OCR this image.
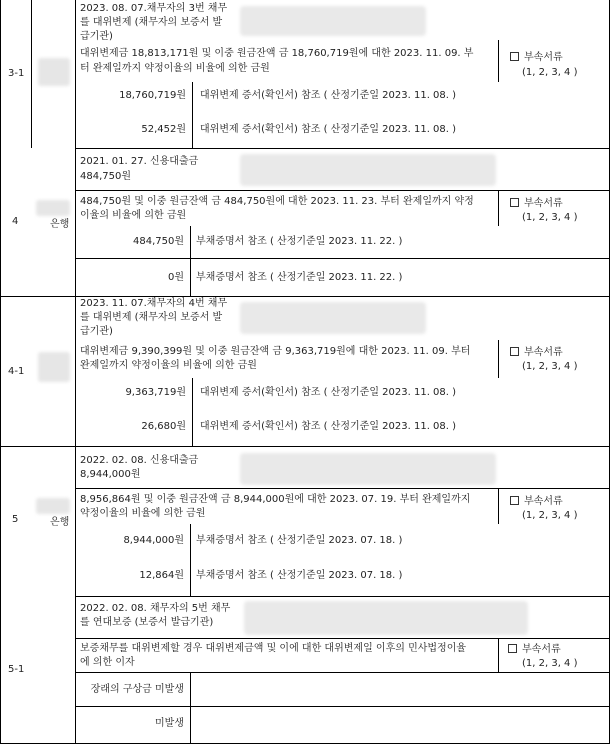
3-1
2023. 08. 07.채무자의 3번 채무
를 대위변제 (채무자의 보증서 발
급기관)
대위변제금 18,813,171원 및 이중 원금잔액 금 18,760,719원에 대한 2023. 11. 09. 부
터 완제일까지 약정이율의 비율에 의한 금원
부속서류
(1, 2, 3, 4 )
18,760,719원 대위변제 증서(확인서) 참조 ( 산정기준일 2023. 11. 08. )
52,452원 대위변제 증서(확인서) 참조 ( 산정기준일 2023. 11. 08. )
4	은행
2021. 01. 27. 신용대출금
484,750원
484,750원 및 이중 원금잔액 금 484,750원에 대한 2023. 11. 23. 부터 완제일까지 약정
이율의 비율에 의한 금원
부속서류
(1, 2, 3, 4 )
484,750원 부채증명서 참조 ( 산정기준일 2023. 11. 22. )
0원 부채증명서 참조 ( 산정기준일 2023. 11. 22. )
4-1
2023. 11. 07.채무자의 4번 채무
를 대위변제 (채무자의 보증서 발
급기관)
대위변제금 9,390,399원 및 이중 원금잔액 금 9,363,719원에 대한 2023. 11. 09. 부터
완제일까지 약정이율의 비율에 의한 금원
부속서류
(1, 2, 3, 4 )
9,363,719원 대위변제 증서(확인서) 참조 ( 산정기준일 2023. 11. 08. )
26,680원 대위변제 증서(확인서) 참조 ( 산정기준일 2023. 11. 08. )
5	은행
2022. 02. 08. 신용대출금
8,944,000원
8,956,864원 및 이중 원금잔액 금 8,944,000원에 대한 2023. 07. 19. 부터 완제일까지
약정이율의 비율에 의한 금원
부속서류
(1, 2, 3, 4 )
8,944,000원 부채증명서 참조 ( 산정기준일 2023. 07. 18. )
12,864원 부채증명서 참조 ( 산정기준일 2023. 07. 18. )
5-1
2022. 02. 08. 채무자의 5번 채무
를 연대보증 (보증서 발급기관)
보증채무를 대위변제할 경우 대위변제금액 및 이에 대한 대위변제일 이후의 민사법정이율
에 의한 이자
부속서류
(1, 2, 3, 4 )
장래의 구상금 미발생
미발생
